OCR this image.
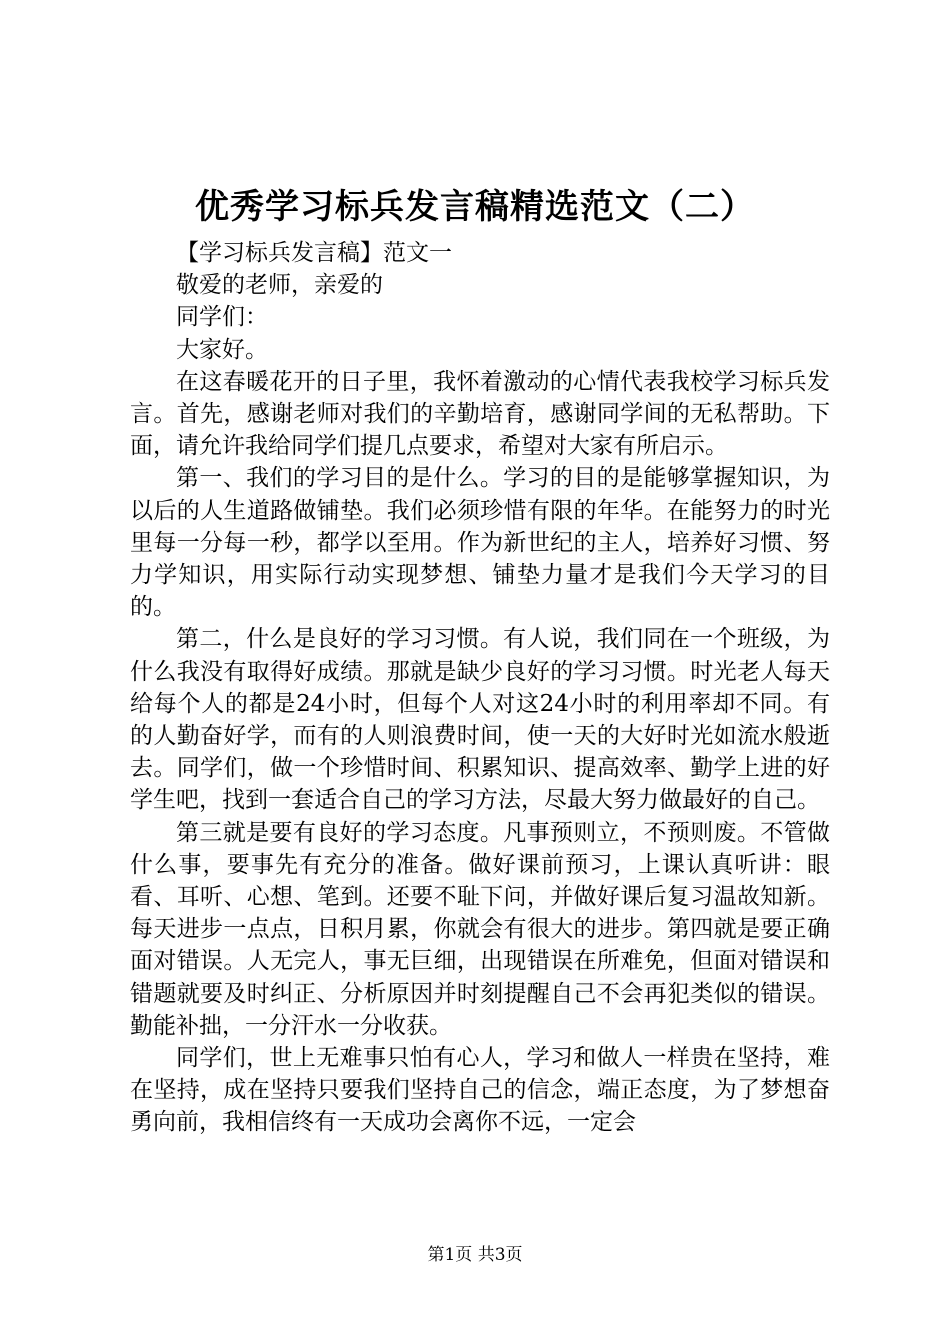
优秀学习标兵发言稿精选范文（二）

【学习标兵发言稿】范文一

敬爱的老师，亲爱的

同学们：

大家好。

在这春暖花开的日子里，我怀着激动的心情代表我校学习标兵发言。首先，感谢老师对我们的辛勤培育，感谢同学间的无私帮助。下面，请允许我给同学们提几点要求，希望对大家有所启示。

第一、我们的学习目的是什么。学习的目的是能够掌握知识，为以后的人生道路做铺垫。我们必须珍惜有限的年华。在能努力的时光里每一分每一秒，都学以至用。作为新世纪的主人，培养好习惯、努力学知识，用实际行动实现梦想、铺垫力量才是我们今天学习的目的。

第二，什么是良好的学习习惯。有人说，我们同在一个班级，为什么我没有取得好成绩。那就是缺少良好的学习习惯。时光老人每天给每个人的都是24小时，但每个人对这24小时的利用率却不同。有的人勤奋好学，而有的人则浪费时间，使一天的大好时光如流水般逝去。同学们，做一个珍惜时间、积累知识、提高效率、勤学上进的好学生吧，找到一套适合自己的学习方法，尽最大努力做最好的自己。

第三就是要有良好的学习态度。凡事预则立，不预则废。不管做什么事，要事先有充分的准备。做好课前预习，上课认真听讲：眼看、耳听、心想、笔到。还要不耻下问，并做好课后复习温故知新。每天进步一点点，日积月累，你就会有很大的进步。第四就是要正确面对错误。人无完人，事无巨细，出现错误在所难免，但面对错误和错题就要及时纠正、分析原因并时刻提醒自己不会再犯类似的错误。勤能补拙，一分汗水一分收获。

同学们，世上无难事只怕有心人，学习和做人一样贵在坚持，难在坚持，成在坚持只要我们坚持自己的信念，端正态度，为了梦想奋勇向前，我相信终有一天成功会离你不远，一定会

第1页 共3页
